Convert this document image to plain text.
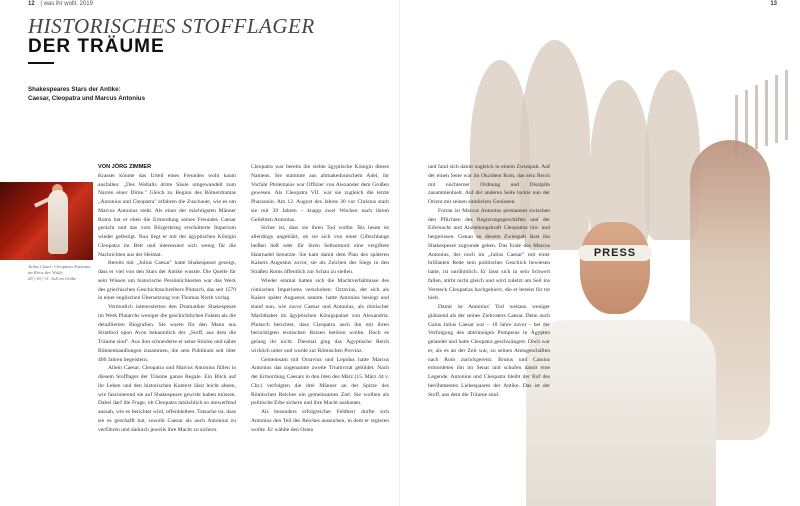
12 | was ihr wollt. 2019
HISTORISCHES STOFFLAGER
DER TRÄUME
Shakespeares Stars der Antike:
Caesar, Cleopatra und Marcus Antonius
Julius Cäsar: Cleopatra Antonius,
im Kreis der Wölfe
29 | 30 | 31. Juli im Globe

VON JÖRG ZIMMER

Krasser könnte das Urteil eines Freundes wohl kaum ausfallen: „Des Weltalls dritte Säule umgewandelt zum Narren einer Dirne." Gleich zu Beginn des Römerdramas „Antonius und Cleopatra" erfahren die Zuschauer, wie es um Marcus Antonius steht. Als einer der mächtigsten Männer Roms hat er eben die Ermordung seines Freundes Caesar gerächt und das vom Bürgerkrieg erschütterte Imperium wieder gefestigt. Nun liegt er mit der ägyptischen Königin Cleopatra im Bett und interessiert sich wenig für die Nachrichten aus der Heimat.

Bereits mit „Julius Caesar" hatte Shakespeare gezeigt, dass er viel von den Stars der Antike wusste. Die Quelle für sein Wissen um historische Persönlichkeiten war das Werk des griechischen Geschichtsschreibers Plutarch, das seit 1579 in einer englischen Übersetzung von Thomas North vorlag.

Vermutlich interessierten den Dramatiker Shakespeare im Werk Plutarchs weniger die geschichtlichen Fakten als die detaillierten Biografien. Sie waren für den Mann aus Stratford upon Avon bekanntlich der „Stoff, aus dem die Träume sind". Aus ihm schneiderte er seine Stücke und nähte Bühnenhandlungen zusammen, die sein Publikum seit über 400 Jahren begeistern.

Allein Caesar, Cleopatra und Marcus Antonius füllen in diesem Stofflager der Träume ganze Regale. Ein Blick auf ihr Leben und den historischen Kontext lässt leicht ahnen, wie faszinierend sie auf Shakespeare gewirkt haben müssen. Dabei darf die Frage, ob Cleopatra tatsächlich so umwerfend aussah, wie es berichtet wird, offenbleiben. Tatsache ist, dass sie es geschafft hat, sowohl Caesar als auch Antonius zu verführen und dadurch jeweils ihre Macht zu sichern.

Cleopatra war bereits die siebte ägyptische Königin dieses Namens. Sie stammte aus altmakedonischem Adel, ihr Vorfahr Ptolemaios war Offizier von Alexander dem Großen gewesen. Als Cleopatra VII. war sie zugleich die letzte Pharaonin. Am 12. August des Jahres 30 vor Christus starb sie mit 39 Jahren – knapp zwei Wochen nach ihrem Geliebten Antonius.

Sicher ist, dass sie ihren Tod wollte. Bis heute ist allerdings ungeklärt, ob sie sich von einer Giftschlange beißen ließ oder für ihren Selbstmord eine vergiftete Haarnadel benutzte. Sie kam damit dem Plan des späteren Kaisers Augustus zuvor, sie als Zeichen des Siegs in den Straßen Roms öffentlich zur Schau zu stellen.

Wieder einmal hatten sich die Machtverhältnisse des römischen Imperiums verschoben: Octavius, der sich als Kaiser später Augustus nannte, hatte Antonius besiegt und stand nun, wie zuvor Caesar und Antonius, als römischer Machthaber im ägyptischen Königspalast von Alexandria. Plutarch berichtet, dass Cleopatra auch ihn mit ihren berüchtigten erotischen Reizen betören wollte. Doch es gelang ihr nicht. Diesmal ging das Ägyptische Reich wirklich unter und wurde zur Römischen Provinz.

Gemeinsam mit Octavius und Lepidus hatte Marcus Antonius das sogenannte zweite Triumvirat gebildet. Nach der Ermordung Caesars in den Iden des März (15. März 44 v. Chr.) verfolgten die drei Männer an der Spitze des Römischen Reiches ein gemeinsames Ziel: Sie wollten als politische Erbe sichern und ihre Macht ausbauen.

Als besonders erfolgreicher Feldherr durfte sich Antonius den Teil des Reiches aussuchen, in dem er regieren wollte. Er wählte den Osten

13
PRESS

und fand sich damit zugleich in einem Zwiespalt. Auf der einen Seite war im Okzident Rom, das sein Reich mit nüchterner Ordnung und Disziplin zusammenhielt. Auf der anderen Seite lockte nun der Orient mit seinen sinnlichen Genüssen.

Fortan ist Marcus Antonius permanent zwischen den Pflichten des Regierungsgeschäftes und der Eifersucht und Anziehungskraft Cleopatras hin- und hergerissen. Genau an diesem Zwiespalt lässt ihn Shakespeare zugrunde gehen. Das Ende des Marcus Antonius, der noch im „Julius Caesar" mit einer brillanten Rede sein politisches Geschick bewiesen hatte, ist unrühmlich. Er lässt sich in sein Schwert fallen, stirbt nicht gleich und wird zuletzt am Seil ins Versteck Cleopatras hochgehievt, die er bereits für tot hielt.

Damit ist Antonius' Tod weitaus weniger glänzend als der seines Ziehvaters Caesar. Denn auch Gaius Julius Caesar war – 18 Jahre zuvor – bei der Verfolgung des abtrünnigen Pompeius in Ägypten gelandet und hatte Cleopatra geschwängert. Doch war er, als es an der Zeit war, zu seinen Amtsgeschäften nach Rom zurückgereist. Brutus und Cassius ermordeten ihn im Senat und schufen damit eine Legende. Antonius und Cleopatra bleibt der Ruf des berühmtesten Liebespaares der Antike. Das ist der Stoff, aus dem die Träume sind.
